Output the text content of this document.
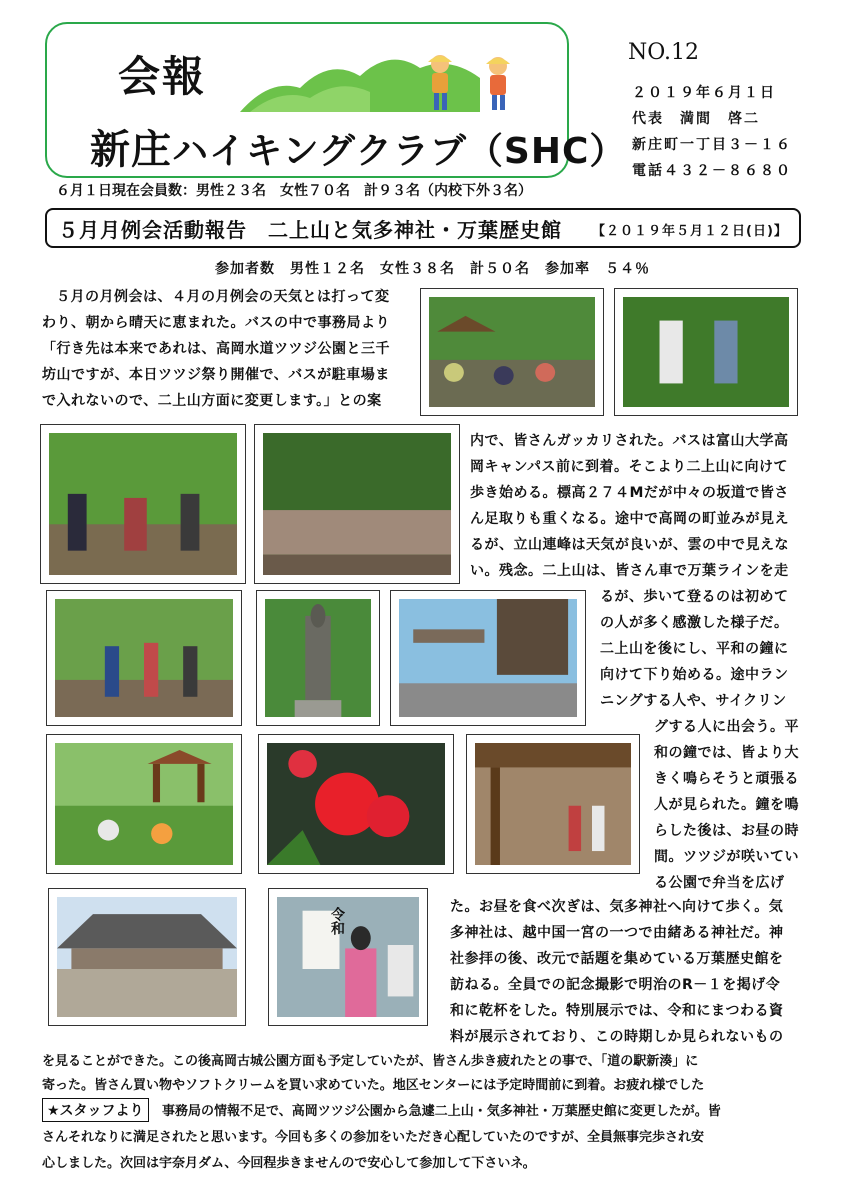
会報
新庄ハイキングクラブ（SHC）
NO.12
２０１９年６月１日
代表　満間　啓二
新庄町一丁目３－１６
電話４３２－８６８０
６月１日現在会員数：男性２３名　女性７０名　計９３名（内校下外３名）
５月月例会活動報告　二上山と気多神社・万葉歴史館 【２０１９年５月１２日(日)】
参加者数　男性１２名　女性３８名　計５０名　参加率　５４％
令和
５月の月例会は、４月の月例会の天気とは打って変
わり、朝から晴天に恵まれた。バスの中で事務局より
「行き先は本来であれは、高岡水道ツツジ公園と三千
坊山ですが、本日ツツジ祭り開催で、バスが駐車場ま
で入れないので、二上山方面に変更します。」との案
内で、皆さんガッカリされた。バスは富山大学高
岡キャンパス前に到着。そこより二上山に向けて
歩き始める。標高２７４Mだが中々の坂道で皆さ
ん足取りも重くなる。途中で高岡の町並みが見え
るが、立山連峰は天気が良いが、雲の中で見えな
い。残念。二上山は、皆さん車で万葉ラインを走
るが、歩いて登るのは初めて
の人が多く感激した様子だ。
二上山を後にし、平和の鐘に
向けて下り始める。途中ラン
ニングする人や、サイクリン
グする人に出会う。平
和の鐘では、皆より大
きく鳴らそうと頑張る
人が見られた。鐘を鳴
らした後は、お昼の時
間。ツツジが咲いてい
る公園で弁当を広げ
た。お昼を食べ次ぎは、気多神社へ向けて歩く。気
多神社は、越中国一宮の一つで由緒ある神社だ。神
社参拝の後、改元で話題を集めている万葉歴史館を
訪ねる。全員での記念撮影で明治のR－１を掲げ令
和に乾杯をした。特別展示では、令和にまつわる資
料が展示されており、この時期しか見られないもの
を見ることができた。この後高岡古城公園方面も予定していたが、皆さん歩き疲れたとの事で、「道の駅新湊」に
寄った。皆さん買い物やソフトクリームを買い求めていた。地区センターには予定時間前に到着。お疲れ様でした
★スタッフより	事務局の情報不足で、高岡ツツジ公園から急遽二上山・気多神社・万葉歴史館に変更したが。皆
さんそれなりに満足されたと思います。今回も多くの参加をいただき心配していたのですが、全員無事完歩され安
心しました。次回は宇奈月ダム、今回程歩きませんので安心して参加して下さいネ。
